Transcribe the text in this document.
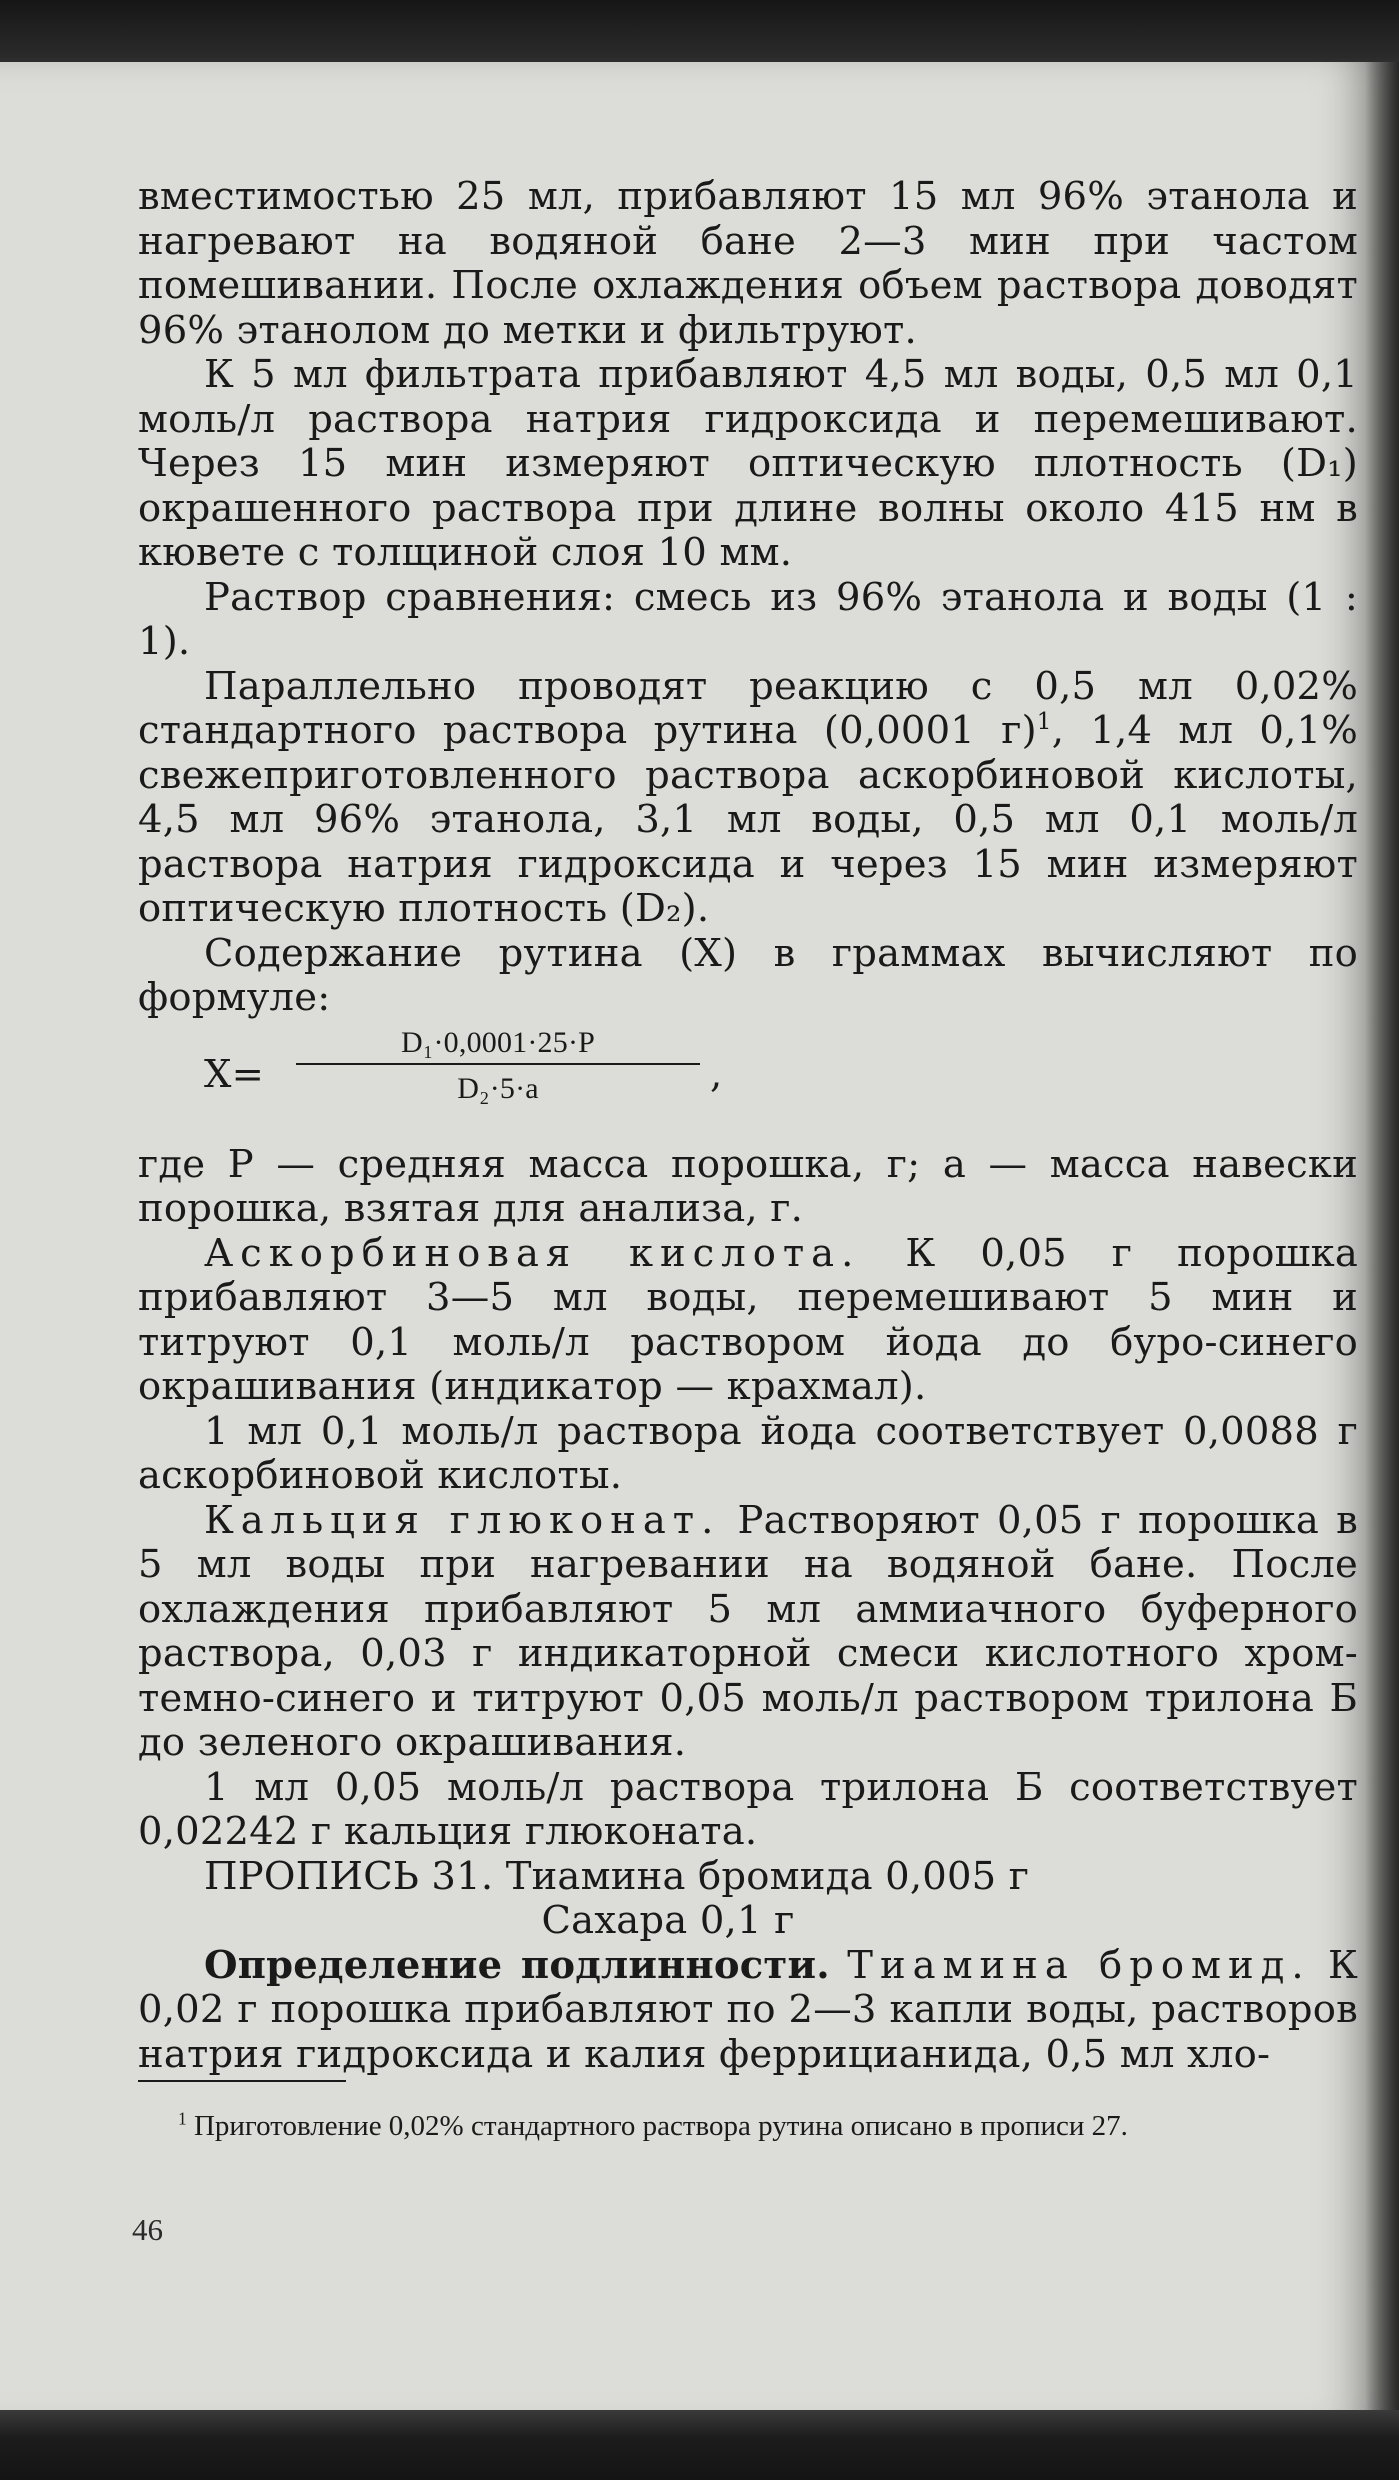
вместимостью 25 мл, прибавляют 15 мл 96% этанола и нагревают на водяной бане 2—3 мин при частом помешивании. После охлаждения объем раствора доводят 96% этанолом до метки и фильтруют.

К 5 мл фильтрата прибавляют 4,5 мл воды, 0,5 мл 0,1 моль/л раствора натрия гидроксида и перемешивают. Через 15 мин измеряют оптическую плотность (D₁) окрашенного раствора при длине волны около 415 нм в кювете с толщиной слоя 10 мм.

Раствор сравнения: смесь из 96% этанола и воды (1 : 1).

Параллельно проводят реакцию с 0,5 мл 0,02% стандартного раствора рутина (0,0001 г)$^1$, 1,4 мл 0,1% свежеприготовленного раствора аскорбиновой кислоты, 4,5 мл 96% этанола, 3,1 мл воды, 0,5 мл 0,1 моль/л раствора натрия гидроксида и через 15 мин измеряют оптическую плотность (D₂).

Содержание рутина (X) в граммах вычисляют по формуле:

$X= \frac{\text{D₁·0,0001·25·P}}{\text{D₂·5·a}}$ ,

где P — средняя масса порошка, г; a — масса навески порошка, взятая для анализа, г.

Аскорбиновая кислота. К 0,05 г порошка прибавляют 3—5 мл воды, перемешивают 5 мин и титруют 0,1 моль/л раствором йода до буро-синего окрашивания (индикатор — крахмал).

1 мл 0,1 моль/л раствора йода соответствует 0,0088 г аскорбиновой кислоты.

Кальция глюконат. Растворяют 0,05 г порошка в 5 мл воды при нагревании на водяной бане. После охлаждения прибавляют 5 мл аммиачного буферного раствора, 0,03 г индикаторной смеси кислотного хром-темно-синего и титруют 0,05 моль/л раствором трилона Б до зеленого окрашивания.

1 мл 0,05 моль/л раствора трилона Б соответствует 0,02242 г кальция глюконата.

ПРОПИСЬ 31. Тиамина бромида 0,005 г

Сахара 0,1 г

Определение подлинности. Тиамина бромид. К 0,02 г порошка прибавляют по 2—3 капли воды, растворов натрия гидроксида и калия феррицианида, 0,5 мл хло-

$^1$ Приготовление 0,02% стандартного раствора рутина описано в прописи 27.
46
